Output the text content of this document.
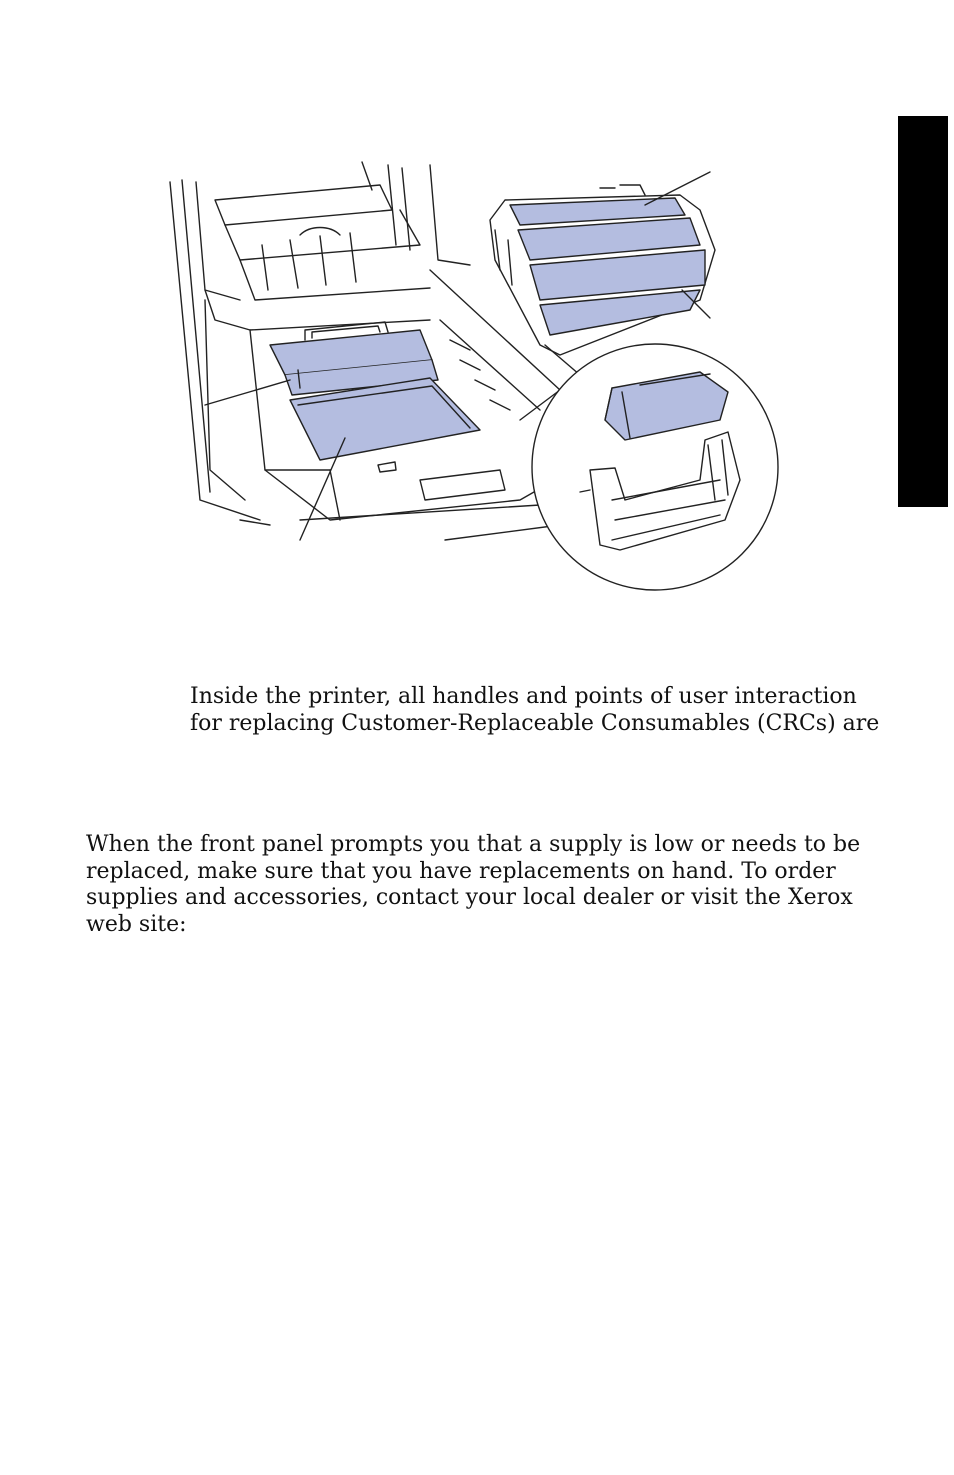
Inside the printer, all handles and points of user interaction
for replacing Customer-Replaceable Consumables (CRCs) are

When the front panel prompts you that a supply is low or needs to be
replaced, make sure that you have replacements on hand. To order
supplies and accessories, contact your local dealer or visit the Xerox
web site:
